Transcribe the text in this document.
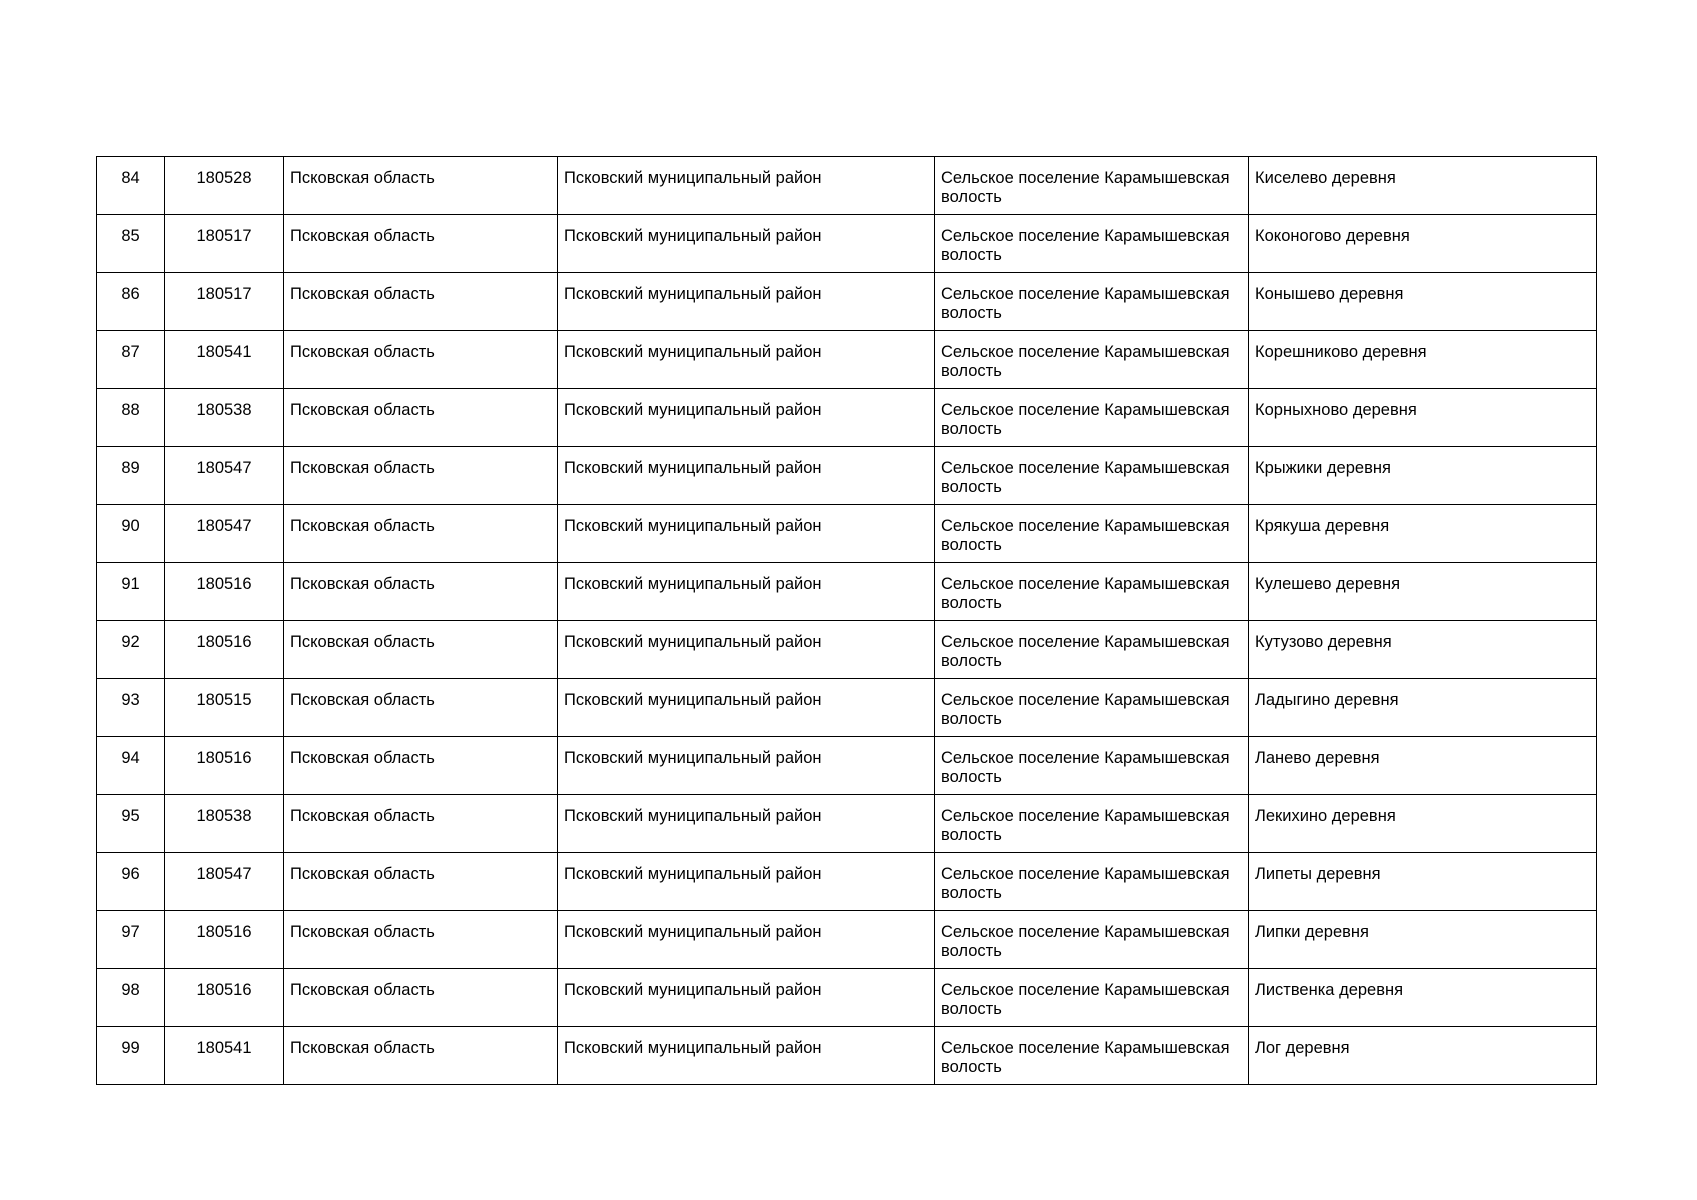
84	180528	Псковская область	Псковский муниципальный район	Сельское поселение Карамышевская волость	Киселево деревня
85	180517	Псковская область	Псковский муниципальный район	Сельское поселение Карамышевская волость	Коконогово деревня
86	180517	Псковская область	Псковский муниципальный район	Сельское поселение Карамышевская волость	Конышево деревня
87	180541	Псковская область	Псковский муниципальный район	Сельское поселение Карамышевская волость	Корешниково деревня
88	180538	Псковская область	Псковский муниципальный район	Сельское поселение Карамышевская волость	Корныхново деревня
89	180547	Псковская область	Псковский муниципальный район	Сельское поселение Карамышевская волость	Крыжики деревня
90	180547	Псковская область	Псковский муниципальный район	Сельское поселение Карамышевская волость	Крякуша деревня
91	180516	Псковская область	Псковский муниципальный район	Сельское поселение Карамышевская волость	Кулешево деревня
92	180516	Псковская область	Псковский муниципальный район	Сельское поселение Карамышевская волость	Кутузово деревня
93	180515	Псковская область	Псковский муниципальный район	Сельское поселение Карамышевская волость	Ладыгино деревня
94	180516	Псковская область	Псковский муниципальный район	Сельское поселение Карамышевская волость	Ланево деревня
95	180538	Псковская область	Псковский муниципальный район	Сельское поселение Карамышевская волость	Лекихино деревня
96	180547	Псковская область	Псковский муниципальный район	Сельское поселение Карамышевская волость	Липеты деревня
97	180516	Псковская область	Псковский муниципальный район	Сельское поселение Карамышевская волость	Липки деревня
98	180516	Псковская область	Псковский муниципальный район	Сельское поселение Карамышевская волость	Лиственка деревня
99	180541	Псковская область	Псковский муниципальный район	Сельское поселение Карамышевская волость	Лог деревня
